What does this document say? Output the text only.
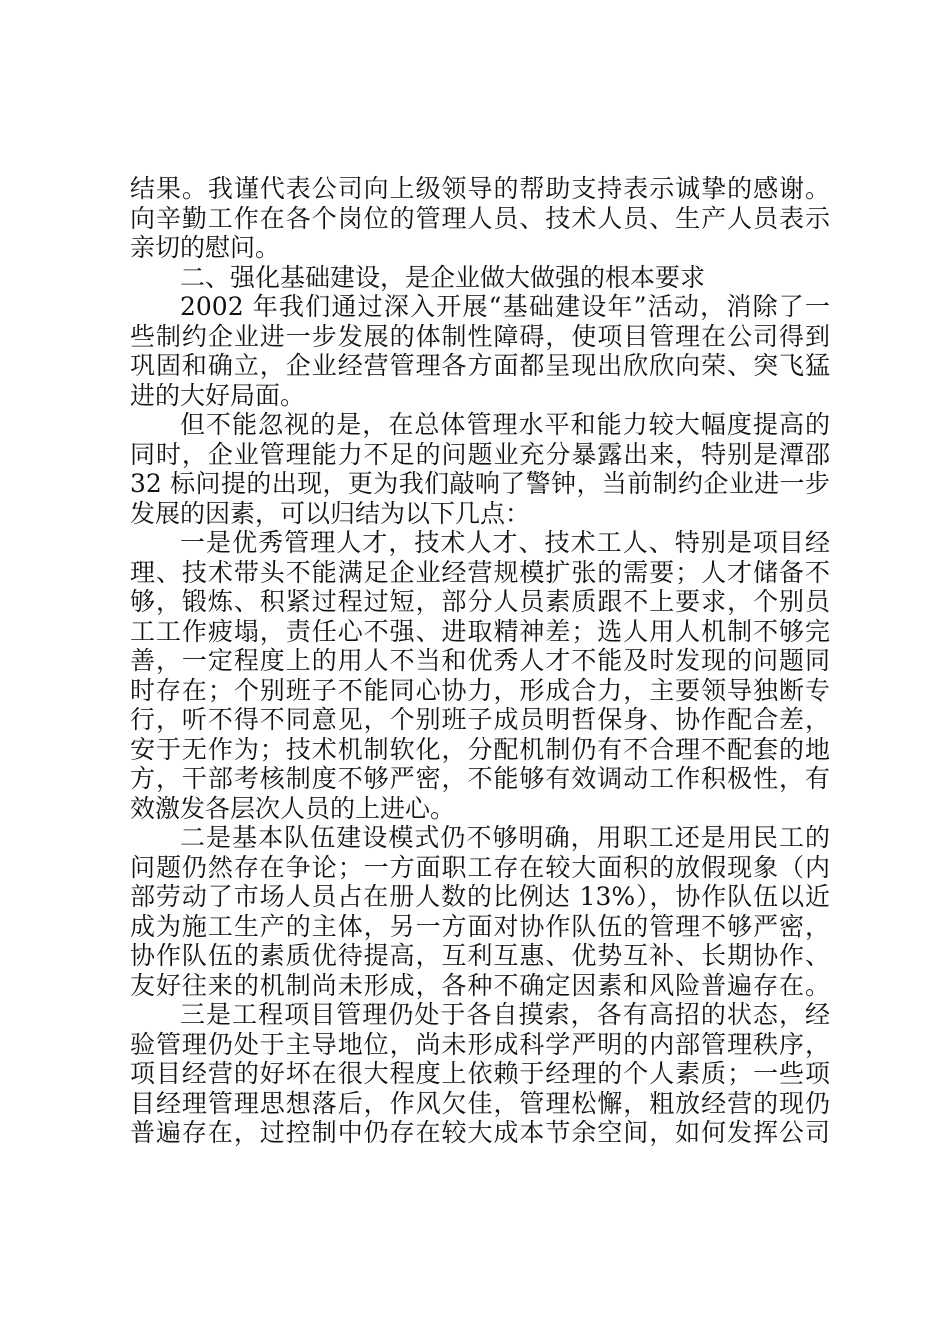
结果。我谨代表公司向上级领导的帮助支持表示诚挚的感谢。
向辛勤工作在各个岗位的管理人员、技术人员、生产人员表示
亲切的慰问。
二、强化基础建设，是企业做大做强的根本要求
2002 年我们通过深入开展“基础建设年”活动，消除了一
些制约企业进一步发展的体制性障碍，使项目管理在公司得到
巩固和确立，企业经营管理各方面都呈现出欣欣向荣、突飞猛
进的大好局面。
但不能忽视的是，在总体管理水平和能力较大幅度提高的
同时，企业管理能力不足的问题业充分暴露出来，特别是潭邵
32 标问提的出现，更为我们敲响了警钟，当前制约企业进一步
发展的因素，可以归结为以下几点：
一是优秀管理人才，技术人才、技术工人、特别是项目经
理、技术带头不能满足企业经营规模扩张的需要；人才储备不
够，锻炼、积紧过程过短，部分人员素质跟不上要求，个别员
工工作疲塌，责任心不强、进取精神差；选人用人机制不够完
善，一定程度上的用人不当和优秀人才不能及时发现的问题同
时存在；个别班子不能同心协力，形成合力，主要领导独断专
行，听不得不同意见，个别班子成员明哲保身、协作配合差，
安于无作为；技术机制软化，分配机制仍有不合理不配套的地
方，干部考核制度不够严密，不能够有效调动工作积极性，有
效激发各层次人员的上进心。
二是基本队伍建设模式仍不够明确，用职工还是用民工的
问题仍然存在争论；一方面职工存在较大面积的放假现象（内
部劳动了市场人员占在册人数的比例达 13%），协作队伍以近
成为施工生产的主体，另一方面对协作队伍的管理不够严密，
协作队伍的素质优待提高，互利互惠、优势互补、长期协作、
友好往来的机制尚未形成，各种不确定因素和风险普遍存在。
三是工程项目管理仍处于各自摸索，各有高招的状态，经
验管理仍处于主导地位，尚未形成科学严明的内部管理秩序，
项目经营的好坏在很大程度上依赖于经理的个人素质；一些项
目经理管理思想落后，作风欠佳，管理松懈，粗放经营的现仍
普遍存在，过控制中仍存在较大成本节余空间，如何发挥公司
